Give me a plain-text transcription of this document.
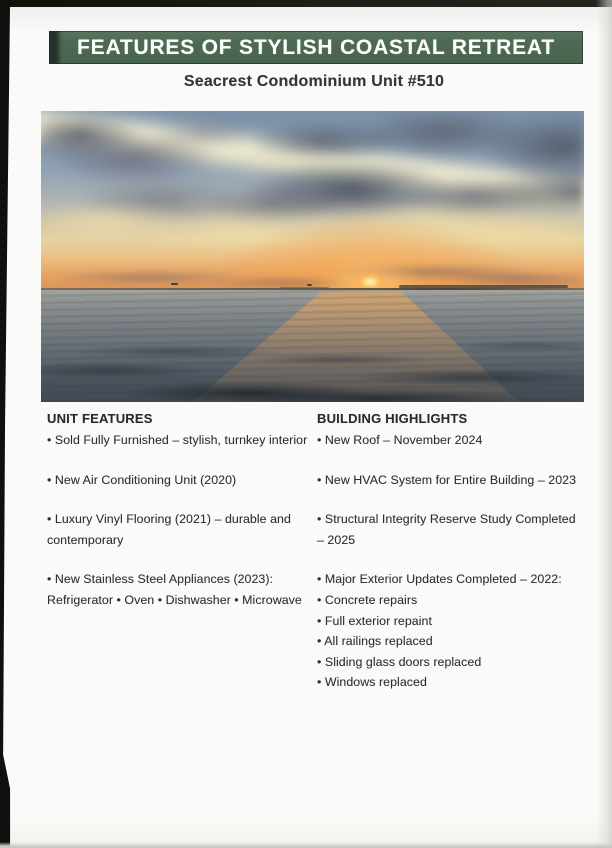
FEATURES OF STYLISH COASTAL RETREAT
Seacrest Condominium Unit #510
UNIT FEATURES

• Sold Fully Furnished – stylish, turnkey interior

• New Air Conditioning Unit (2020)

• Luxury Vinyl Flooring (2021) – durable and

contemporary

• New Stainless Steel Appliances (2023):

Refrigerator • Oven • Dishwasher • Microwave

BUILDING HIGHLIGHTS

• New Roof – November 2024

• New HVAC System for Entire Building – 2023

• Structural Integrity Reserve Study Completed

– 2025

• Major Exterior Updates Completed – 2022:

• Concrete repairs

• Full exterior repaint

• All railings replaced

• Sliding glass doors replaced

• Windows replaced
